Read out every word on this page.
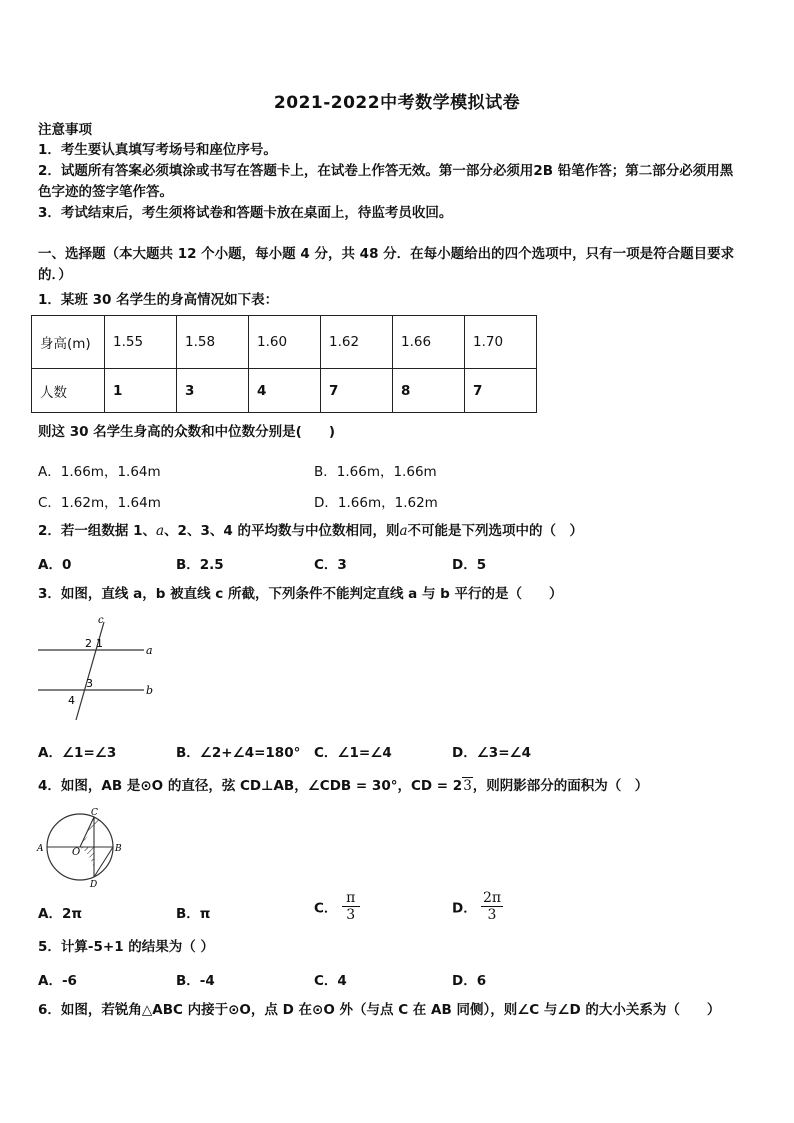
2021-2022中考数学模拟试卷
注意事项
1．考生要认真填写考场号和座位序号。
2．试题所有答案必须填涂或书写在答题卡上，在试卷上作答无效。第一部分必须用2B 铅笔作答；第二部分必须用黑
色字迹的签字笔作答。
3．考试结束后，考生须将试卷和答题卡放在桌面上，待监考员收回。
一、选择题（本大题共 12 个小题，每小题 4 分，共 48 分．在每小题给出的四个选项中，只有一项是符合题目要求
的．）
1．某班 30 名学生的身高情况如下表：
身高(m)	1.55	1.58	1.60	1.62	1.66	1.70
人数	1	3	4	7	8	7
则这 30 名学生身高的众数和中位数分别是(　　)
A．1.66m，1.64m	B．1.66m，1.66m
C．1.62m，1.64m	D．1.66m，1.62m
2．若一组数据 1、a、2、3、4 的平均数与中位数相同，则a不可能是下列选项中的（　）
A．0	B．2.5	C．3	D．5
3．如图，直线 a，b 被直线 c 所截，下列条件不能判定直线 a 与 b 平行的是（　　）
c
a
b
2 1
3
4
A．∠1=∠3	B．∠2+∠4=180° C．∠1=∠4	D．∠3=∠4
4．如图，AB 是⊙O 的直径，弦 CD⊥AB，∠CDB = 30°，CD = 23，则阴影部分的面积为（　）
C
A	O	B
D
A．2π	B．π	C． $\frac{\pi}{3}$	D． $\frac{2\pi}{3}$
5．计算-5+1 的结果为（ ）
A．-6	B．-4	C．4	D．6
6．如图，若锐角△ABC 内接于⊙O，点 D 在⊙O 外（与点 C 在 AB 同侧），则∠C 与∠D 的大小关系为（　　）
